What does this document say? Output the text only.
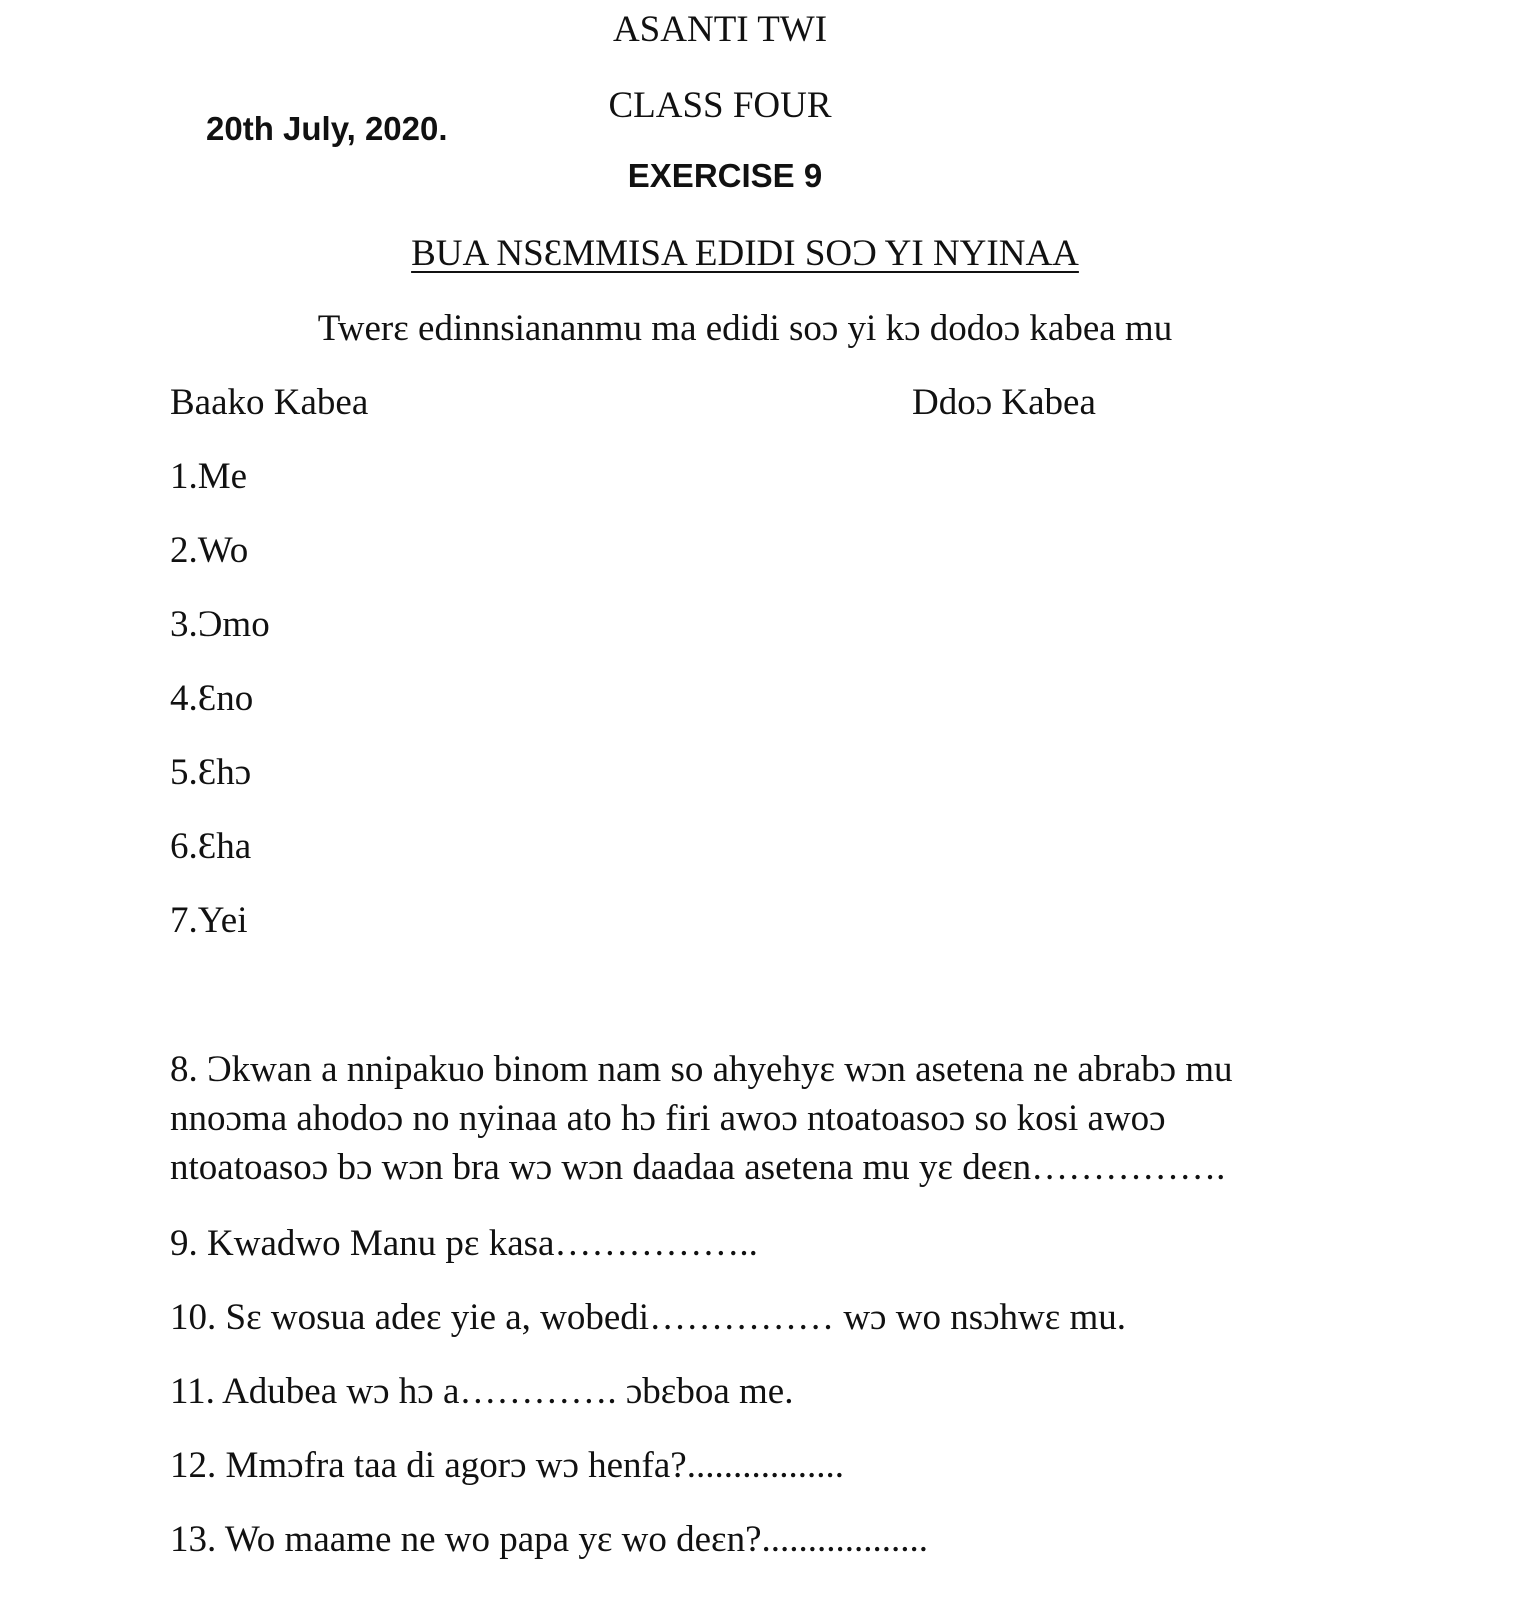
ASANTI TWI
CLASS FOUR
20th July, 2020.
EXERCISE 9
BUA NSƐMMISA EDIDI SOƆ YI NYINAA
Twerɛ edinnsiananmu ma edidi soɔ yi kɔ dodoɔ kabea mu
Baako Kabea	Ddoɔ Kabea
1.Me
2.Wo
3.Ɔmo
4.Ɛno
5.Ɛhɔ
6.Ɛha
7.Yei
8. Ɔkwan a nnipakuo binom nam so ahyehyɛ wɔn asetena ne abrabɔ mu
nnoɔma ahodoɔ no nyinaa ato hɔ firi awoɔ ntoatoasoɔ so kosi awoɔ
ntoatoasoɔ bɔ wɔn bra wɔ wɔn daadaa asetena mu yɛ deɛn…………….
9. Kwadwo Manu pɛ kasa……………..
10. Sɛ wosua adeɛ yie a, wobedi…………… wɔ wo nsɔhwɛ mu.
11. Adubea wɔ hɔ a…………. ɔbɛboa me.
12. Mmɔfra taa di agorɔ wɔ henfa?.................
13. Wo maame ne wo papa yɛ wo deɛn?..................
